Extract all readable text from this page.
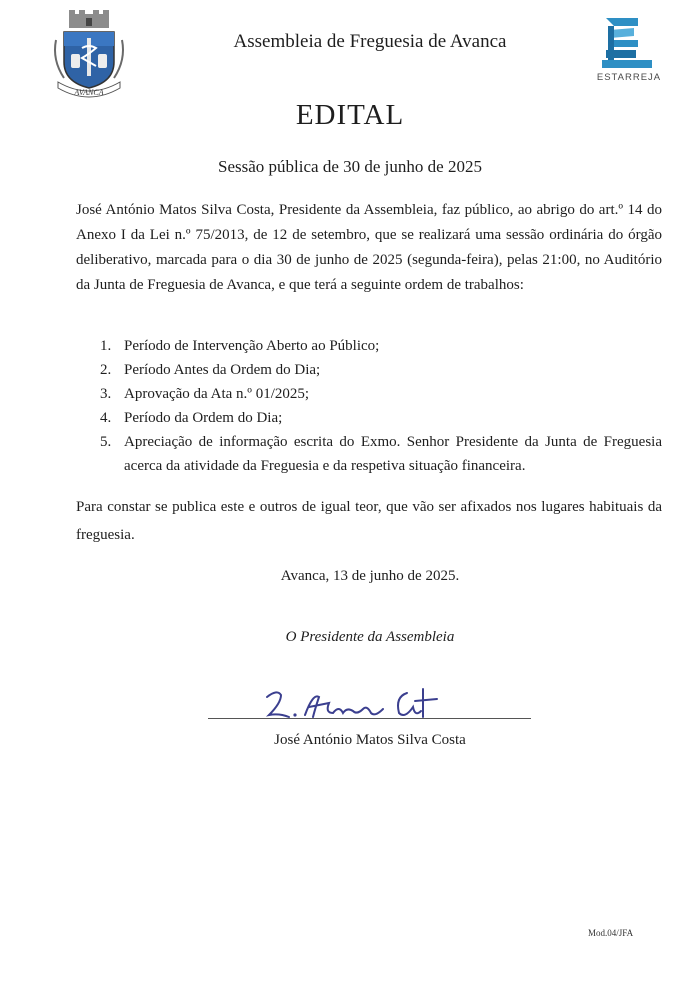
AVANCA
Assembleia de Freguesia de Avanca
ESTARREJA
EDITAL
Sessão pública de 30 de junho de 2025

José António Matos Silva Costa, Presidente da Assembleia, faz público, ao abrigo do art.º 14 do Anexo I da Lei n.º 75/2013, de 12 de setembro, que se realizará uma sessão ordinária do órgão deliberativo, marcada para o dia 30 de junho de 2025 (segunda-feira), pelas 21:00, no Auditório da Junta de Freguesia de Avanca, e que terá a seguinte ordem de trabalhos:

1. Período de Intervenção Aberto ao Público;
2. Período Antes da Ordem do Dia;
3. Aprovação da Ata n.º 01/2025;
4. Período da Ordem do Dia;
5. Apreciação de informação escrita do Exmo. Senhor Presidente da Junta de Freguesia acerca da atividade da Freguesia e da respetiva situação financeira.

Para constar se publica este e outros de igual teor, que vão ser afixados nos lugares habituais da freguesia.

Avanca, 13 de junho de 2025.
O Presidente da Assembleia
José António Matos Silva Costa
Mod.04/JFA
